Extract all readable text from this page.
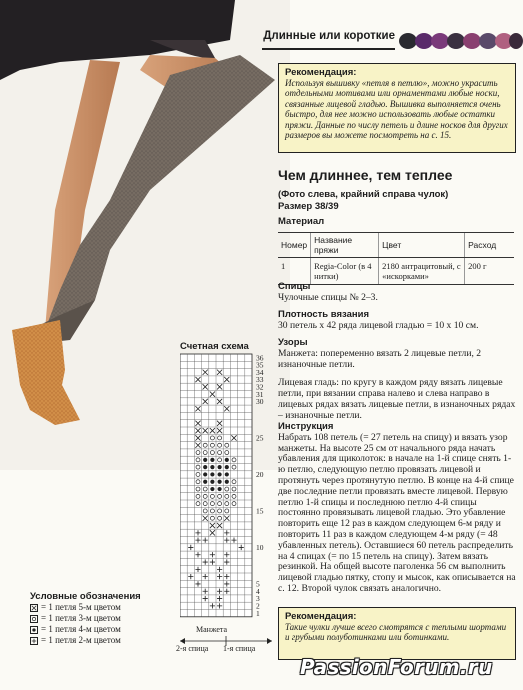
Длинные или короткие
Рекомендация:
Используя вышивку «петля в петлю», можно украсить отдельными мотивами или орнаментами любые носки, связанные лицевой гладью. Вышивка выполняется очень быстро, для нее можно использовать любые остатки пряжи. Данные по числу петель и длине носков для других размеров вы можете посмотреть на с. 15.
Чем длиннее, тем теплее
(Фото слева, крайний справа чулок)
Размер 38/39
Материал
Номер	Название пряжи	Цвет	Расход
1	Regia-Color (в 4 нитки)	2180 антрацитовый, с «искорками»	200 г
Спицы
Чулочные спицы № 2–3.
Плотность вязания
30 петель х 42 ряда лицевой гладью = 10 х 10 см.
Узоры
Манжета: попеременно вязать 2 лицевые петли, 2 изнаночные петли.
Лицевая гладь: по кругу в каждом ряду вязать лицевые петли, при вязании справа налево и слева направо в лицевых рядах вязать лицевые петли, в изнаночных рядах – изнаночные петли.
Инструкция
Набрать 108 петель (= 27 петель на спицу) и вязать узор манжеты. На высоте 25 см от начального ряда начать убавления для щиколоток: в начале на 1-й спице снять 1-ю петлю, следующую петлю провязать лицевой и протянуть через протянутую петлю. В конце на 4-й спице две последние петли провязать вместе лицевой. Первую петлю 1-й спицы и последнюю петлю 4-й спицы постоянно провязывать лицевой гладью. Это убавление повторить еще 12 раз в каждом следующем 6-м ряду и повторить 11 раз в каждом следующем 4-м ряду (= 48 убавленных петель). Оставшиеся 60 петель распределить на 4 спицах (= по 15 петель на спицу). Затем вязать резинкой. На общей высоте паголенка 56 см выполнить лицевой гладью пятку, стопу и мысок, как описывается на с. 12. Второй чулок связать аналогично.
Рекомендация:
Такие чулки лучше всего смотрятся с теплыми шортами и грубыми полуботинками или ботинками.
Счетная схема
36
35
34
33
32
31
30
25
20
15
10
5
4
3
2
1
Манжета
2-я спица 1-я спица
Условные обозначения
= 1 петля 5-м цветом
= 1 петля 3-м цветом
= 1 петля 4-м цветом
= 1 петля 2-м цветом
PassionForum.ru
